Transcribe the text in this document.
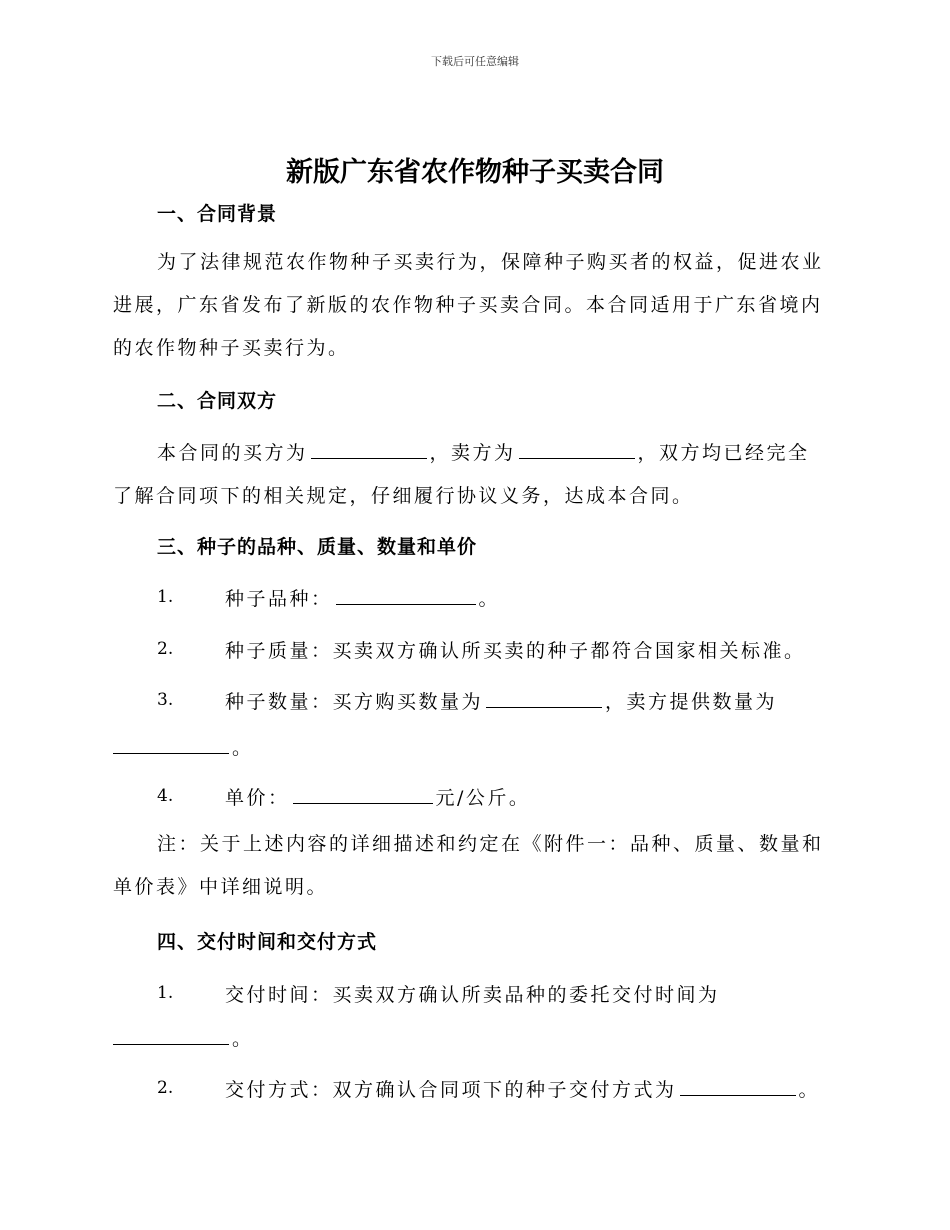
下载后可任意编辑
新版广东省农作物种子买卖合同
一、合同背景
为了法律规范农作物种子买卖行为，保障种子购买者的权益，促进农业进展，广东省发布了新版的农作物种子买卖合同。本合同适用于广东省境内的农作物种子买卖行为。
二、合同双方
本合同的买方为	，卖方为	，双方均已经完全
了解合同项下的相关规定，仔细履行协议义务，达成本合同。
三、种子的品种、质量、数量和单价
1.	种子品种：	。
2.	种子质量：买卖双方确认所买卖的种子都符合国家相关标准。
3.	种子数量：买方购买数量为	，卖方提供数量为
。
4.	单价：	元/公斤。
注：关于上述内容的详细描述和约定在《附件一：品种、质量、数量和单价表》中详细说明。
四、交付时间和交付方式
1.	交付时间：买卖双方确认所卖品种的委托交付时间为
。
2.	交付方式：双方确认合同项下的种子交付方式为	。
